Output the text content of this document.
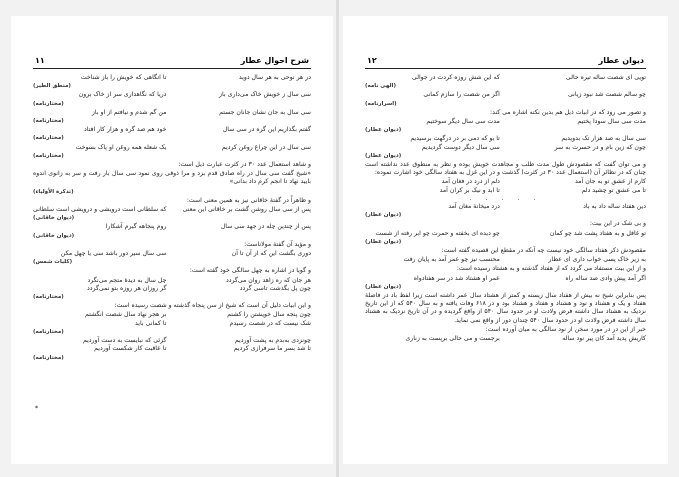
دیوان عطار
۱۲
تویی ای شصت ساله تیره حالی
که این شش روزه کردت در جوالی
(الهی نامه)
چو سالم شصت شد نبود زیانی
اگر من شصت را سازم کمانی
(اسرارنامه)
و تصور می رود که در ابیات ذیل هم بدین نکته اشاره می کند:
مدت سی سال سودا پختیم
مدت سی سال دیگر سوختیم
(دیوان عطار)
سی سال به صد هزار تک بدویدیم
تا بو که دمی بر در درگهت برسیدیم
چون که زین بام و در حسرت به سر
سی سال دیگر دوست گردیدیم
(دیوان عطار)
و می توان گفت که مقصودش طول مدت طلب و مجاهدت خویش بوده و نظر به منطوق عدد نداشته است چنان که در نظائر آن (استعمال عدد ۳۰ در کثرت) گذشت و در این غزل به هفتاد سالگی خود اشارت نموده:
کارم از عشق تو به جان آمد
دلم از درد در فغان آمد
تا می عشق تو چشید دلم
تا ابد و نیک بر کران آمد
. . . . .
دین هفتاد ساله داد به باد
درد میخانۀ مغان آمد
(دیوان عطار)
و بی شک در این بیت:
تو غافل و به هفتاد پشت شد چو کمان
چو دیده ای بخفته و حمرت چو ابر رفته از شست
(دیوان عطار)
مقصودش ذکر هفتاد سالگی خود نیست چه آنکه در مقطع این قصیده گفته است:
به زیر خاک پسی خواب داری ای عطار
محتسب نیز چو عمر آمد به پایان رفت
و از این بیت مستفاد می گردد که از هفتاد گذشته و به هشتاد رسیده است:
اگر آمد پیش وادی صد ساله راه
عمر او هشتاد شد در سر هفتادواه
(دیوان عطار)
پس بنابراین شیخ نه بیش از هفتاد سال زیسته و کمتر از هشتاد سال عمر داشته است زیرا لفظ باد در فاصلۀ هفتاد و یک و هشتاد و نود و هشتاد و هفتاد و هشتاد بود و در ۶۱۸ وفات یافته و به سال ۵۴۰ که از این تاریخ نزدیک به هشتاد سال داشته فرض ولادت او در حدود سال ۵۴۰ از واقع گردیده و در آن تاریخ نزدیک به هشتاد سال داشته فرض ولادت او در حدود سال ۵۴۰ چندان دور از واقع نمی نماید.
خبر از این در در مورد سخن از نود سالگی به میان آورده است:
کاریش پدید آمد کان پیر نود ساله
برجست و می حالی برپست به زناری
شرح احوال عطار
۱۱
در هر نوحی به هر سال دوید
تا انگاهی که خویش را باز شناخت
(منطق الطیر)
سی سال ز خویش خاک می‌داری باز
دریا که نگاهداری سر از خاک برون
(مختارنامه)
سی سال به جان نشان جانان جستم
من گم شدم و نیافتم از او باز
(مختارنامه)
گفتم بگذاریم این گره در سی سال
خود هم صد گره و هزار کار افتاد
(مختارنامه)
سی سال در این چراغ روغن کردیم
یک شعله همه روغن او پاک بسوخت
(مختارنامه)
و شاهد استعمال عدد ۳۰ در کثرت عبارت ذیل است:
«شیخ گفت سی سال در راه صادق قدم بزد و مرا ذوقی روی نمود سی سال بار رفت و سر به زانوی اندوه بایید نهاد تا انجم کرم داد بدانی»
(تذکرة الأولیاء)
و ظاهراً در گفتۀ خاقانی نیز به همین معنی است:
پس از سی سال روشن گشت بر خاقانی این معنی
که سلطانی است درویشی و درویشی است سلطانی
(دیوان خاقانی)
پس از چندین چله در جهد سی سال
روم پنجاهه گیرم آشکارا
(دیوان خاقانی)
و مؤید آن گفتۀ مولاناست:
دوری بگشت این که از آن تا آن
سی سال سیر دور باشد سی یا چهل مکن
(کلیات شمس)
و گویا در اشاره به چهل سالگی خود گفته است:
هر جان که ره زاهد روان می‌گردد
چل سال به دیدۀ متجم می‌نگرد
چون پل بگذشت تاسی گردد
گر روزان هر روزه بتو نمی‌گردد
(مختارنامه)
و این ابیات دلیل آن است که شیخ از سن پنجاه گذشته و شصت رسیده است:
چون پنجه سال خویشتن را کشتم
بر هجر نهاد سال شصت انگشتم
شک نیست که در شصت رسیدم
تا کمانی باید
(مختارنامه)
چونزدی به‌بدم به پشت آوردیم
گزئی که نبایست به دست آوردیم
تا شد بسر ما سرفرازی کردیم
تا عاقبت کار شکست آوردیم
(مختارنامه)
*
